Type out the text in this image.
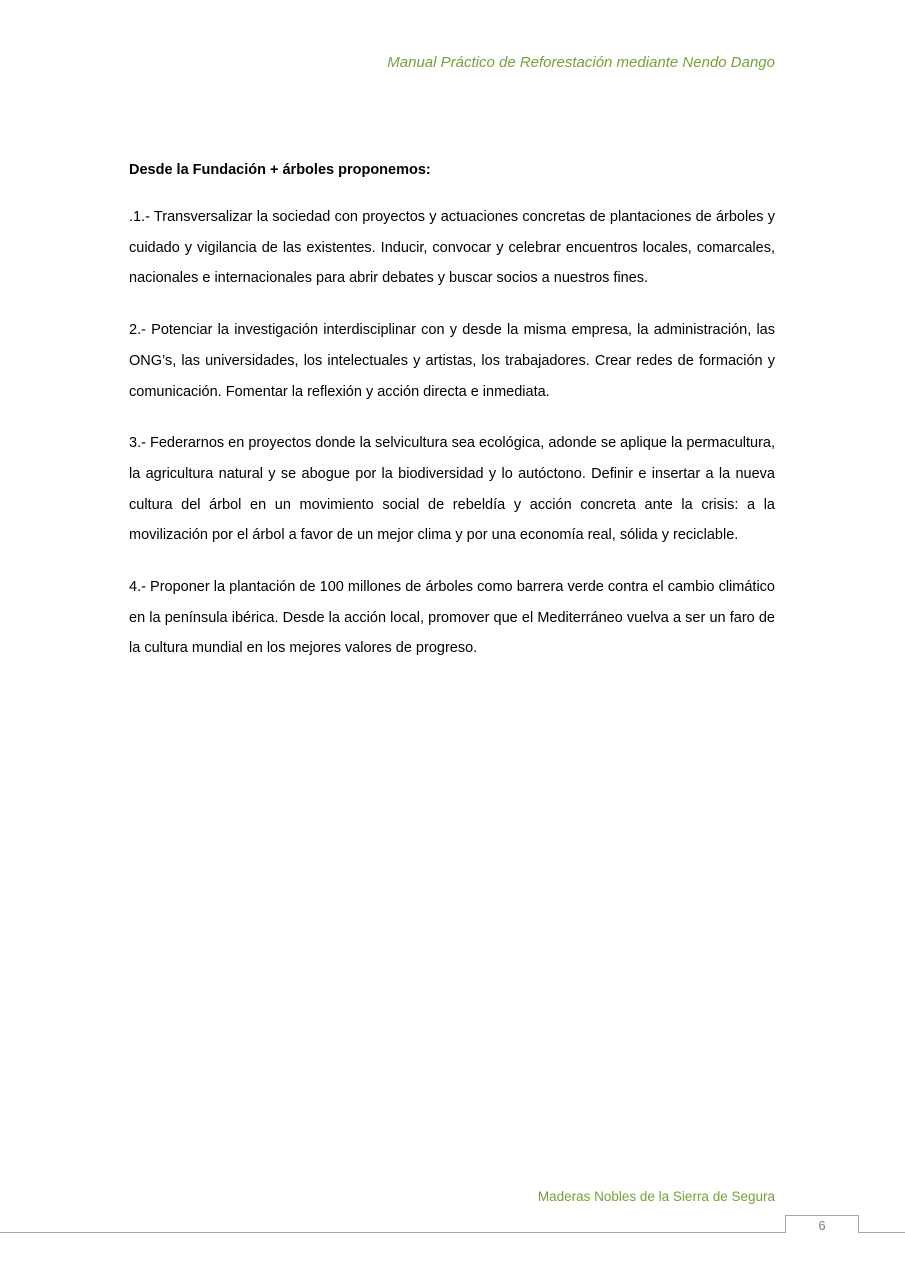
Manual Práctico de Reforestación mediante Nendo Dango

Desde la Fundación + árboles proponemos:

.1.- Transversalizar la sociedad con proyectos y actuaciones concretas de plantaciones de árboles y cuidado y vigilancia de las existentes. Inducir, convocar y celebrar encuentros locales, comarcales, nacionales e internacionales para abrir debates y buscar socios a nuestros fines.

2.- Potenciar la investigación interdisciplinar con y desde la misma empresa, la administración, las ONG’s, las universidades, los intelectuales y artistas, los trabajadores. Crear redes de formación y comunicación. Fomentar la reflexión y acción directa e inmediata.

3.- Federarnos en proyectos donde la selvicultura sea ecológica, adonde se aplique la permacultura, la agricultura natural y se abogue por la biodiversidad y lo autóctono. Definir e insertar a la nueva cultura del árbol en un movimiento social de rebeldía y acción concreta ante la crisis: a la movilización por el árbol a favor de un mejor clima y por una economía real, sólida y reciclable.

4.- Proponer la plantación de 100 millones de árboles como barrera verde contra el cambio climático en la península ibérica. Desde la acción local, promover que el Mediterráneo vuelva a ser un faro de la cultura mundial en los mejores valores de progreso.

Maderas Nobles de la Sierra de Segura
6
